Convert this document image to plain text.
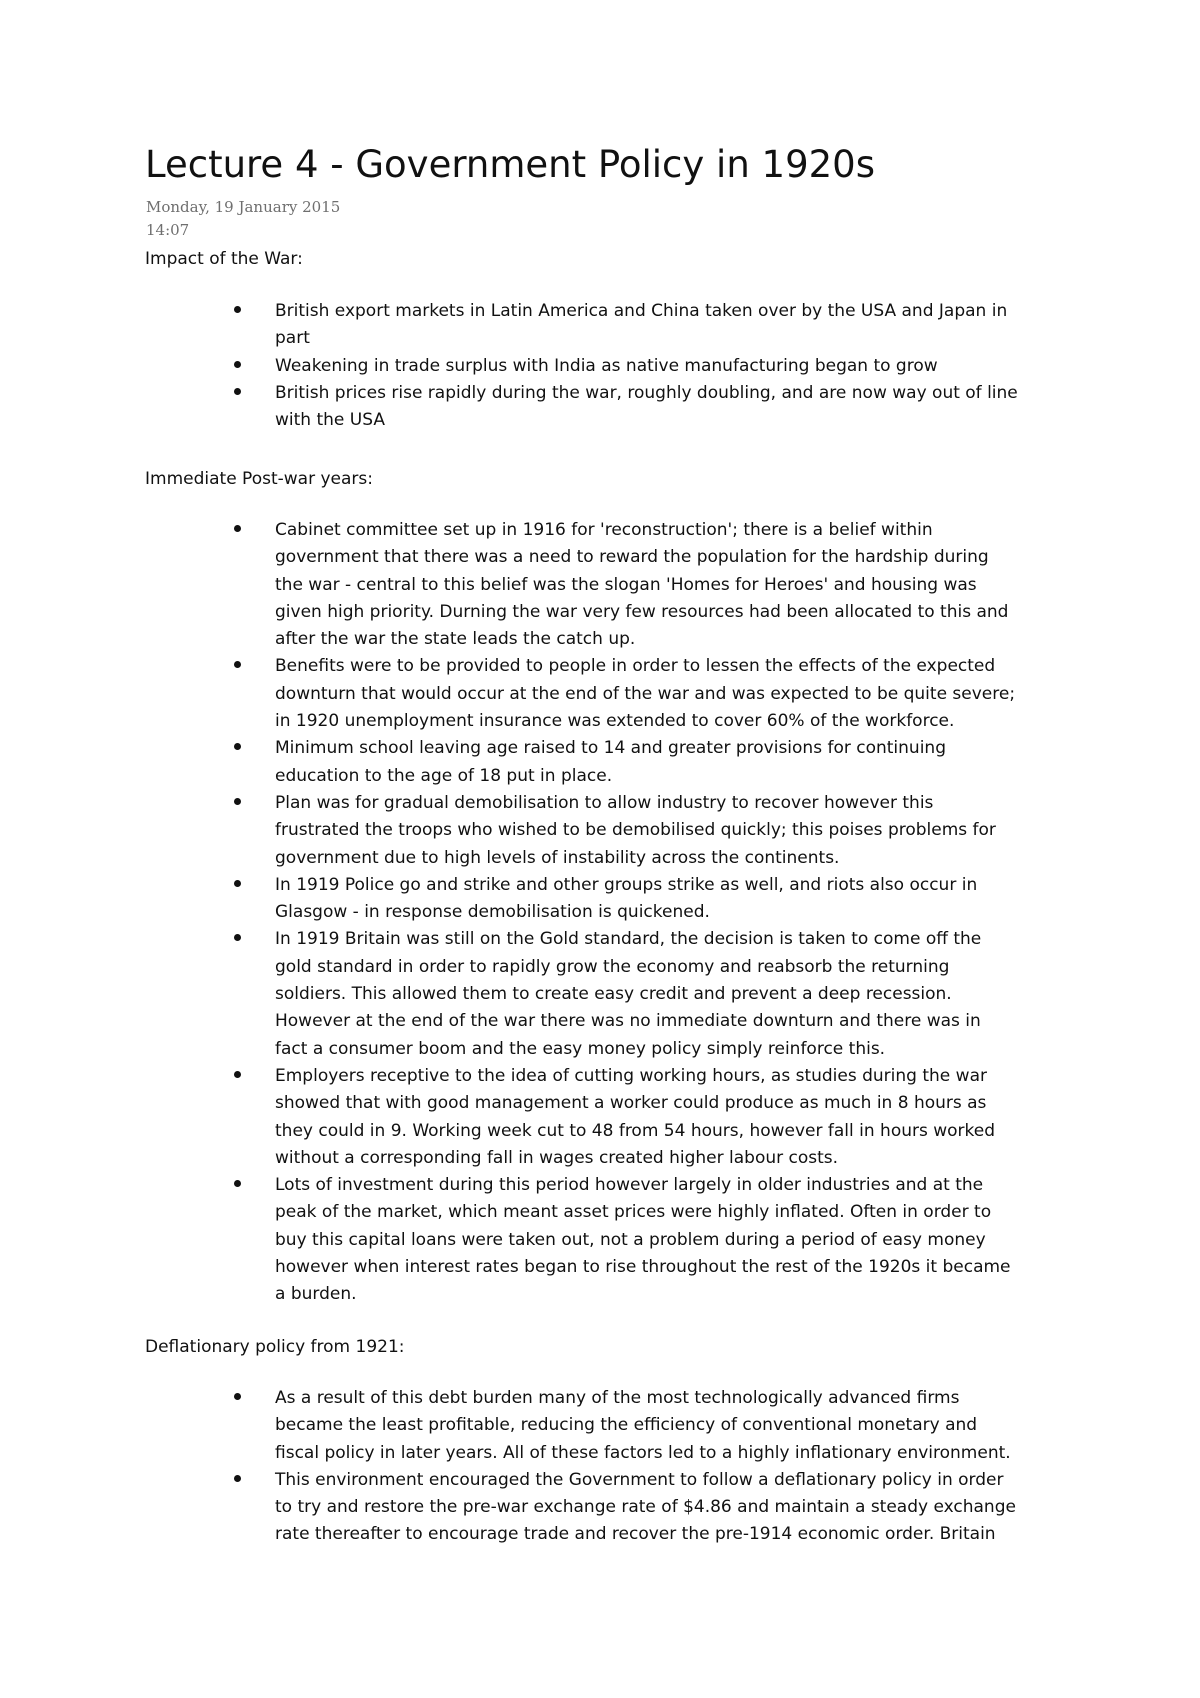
Lecture 4 - Government Policy in 1920s
Monday, 19 January 2015
14:07
Impact of the War:
British export markets in Latin America and China taken over by the USA and Japan in
part
Weakening in trade surplus with India as native manufacturing began to grow
British prices rise rapidly during the war, roughly doubling, and are now way out of line
with the USA
Immediate Post-war years:
Cabinet committee set up in 1916 for 'reconstruction'; there is a belief within
government that there was a need to reward the population for the hardship during
the war - central to this belief was the slogan 'Homes for Heroes' and housing was
given high priority. Durning the war very few resources had been allocated to this and
after the war the state leads the catch up.
Benefits were to be provided to people in order to lessen the effects of the expected
downturn that would occur at the end of the war and was expected to be quite severe;
in 1920 unemployment insurance was extended to cover 60% of the workforce.
Minimum school leaving age raised to 14 and greater provisions for continuing
education to the age of 18 put in place.
Plan was for gradual demobilisation to allow industry to recover however this
frustrated the troops who wished to be demobilised quickly; this poises problems for
government due to high levels of instability across the continents.
In 1919 Police go and strike and other groups strike as well, and riots also occur in
Glasgow - in response demobilisation is quickened.
In 1919 Britain was still on the Gold standard, the decision is taken to come off the
gold standard in order to rapidly grow the economy and reabsorb the returning
soldiers. This allowed them to create easy credit and prevent a deep recession.
However at the end of the war there was no immediate downturn and there was in
fact a consumer boom and the easy money policy simply reinforce this.
Employers receptive to the idea of cutting working hours, as studies during the war
showed that with good management a worker could produce as much in 8 hours as
they could in 9. Working week cut to 48 from 54 hours, however fall in hours worked
without a corresponding fall in wages created higher labour costs.
Lots of investment during this period however largely in older industries and at the
peak of the market, which meant asset prices were highly inflated. Often in order to
buy this capital loans were taken out, not a problem during a period of easy money
however when interest rates began to rise throughout the rest of the 1920s it became
a burden.
Deflationary policy from 1921:
As a result of this debt burden many of the most technologically advanced firms
became the least profitable, reducing the efficiency of conventional monetary and
fiscal policy in later years. All of these factors led to a highly inflationary environment.
This environment encouraged the Government to follow a deflationary policy in order
to try and restore the pre-war exchange rate of $4.86 and maintain a steady exchange
rate thereafter to encourage trade and recover the pre-1914 economic order. Britain
